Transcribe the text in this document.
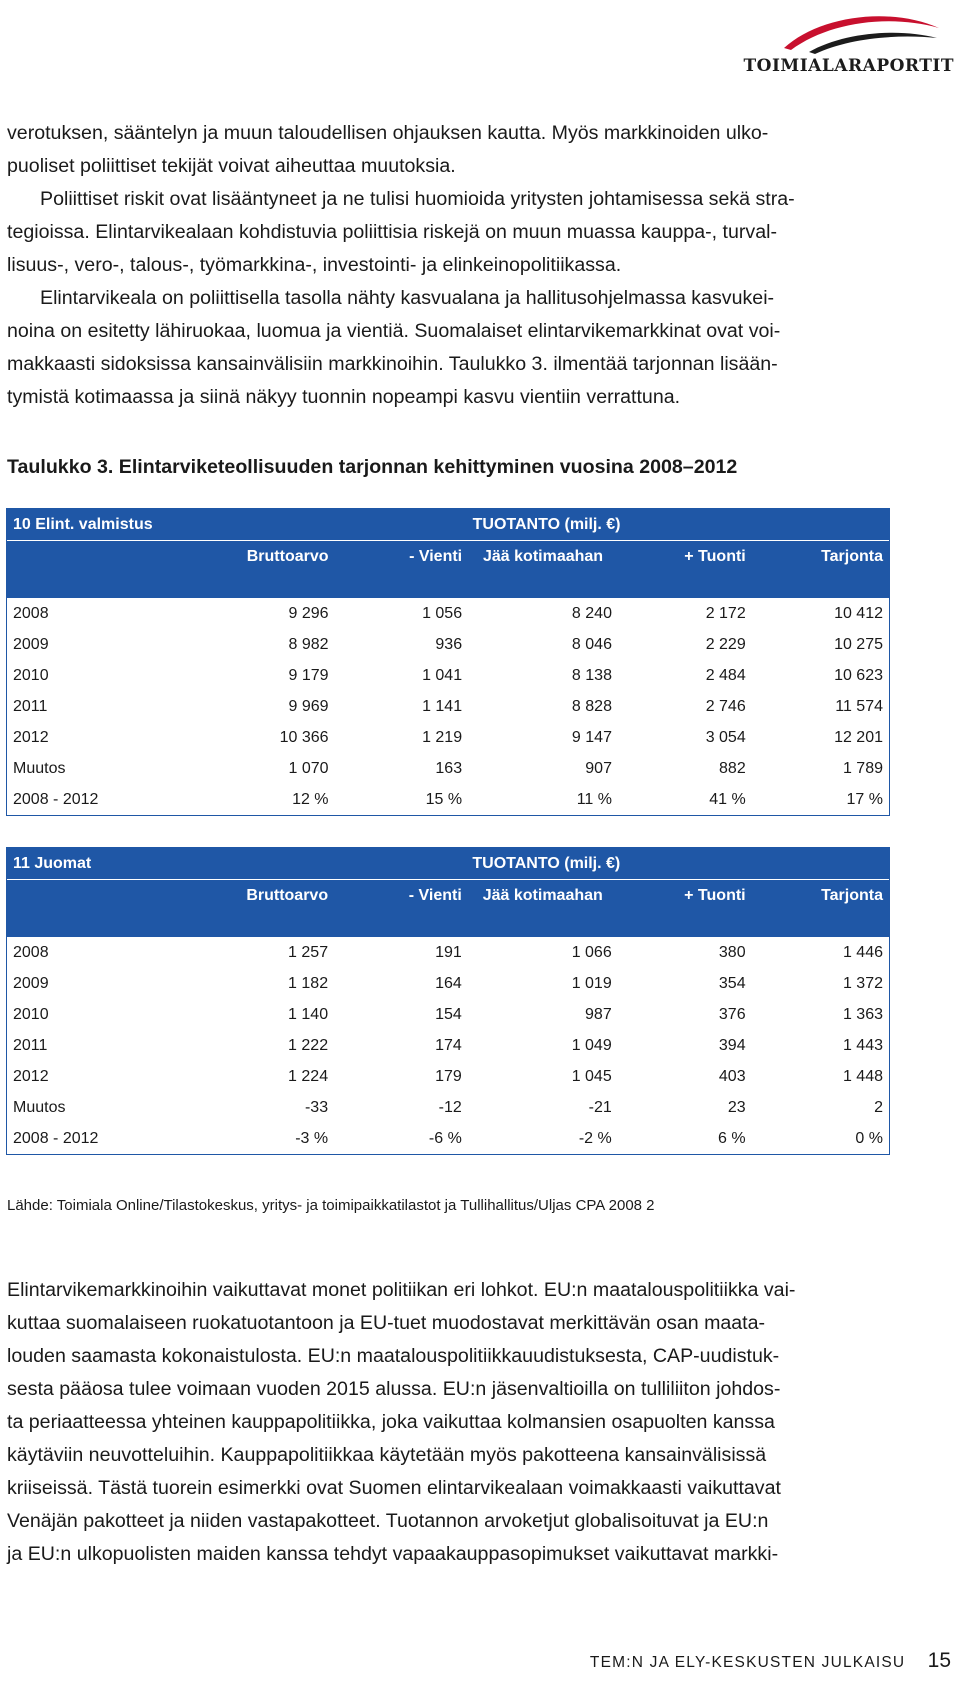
TOIMIALARAPORTIT
verotuksen, sääntelyn ja muun taloudellisen ohjauksen kautta. Myös markkinoiden ulko-
puoliset poliittiset tekijät voivat aiheuttaa muutoksia.
Poliittiset riskit ovat lisääntyneet ja ne tulisi huomioida yritysten johtamisessa sekä stra-
tegioissa. Elintarvikealaan kohdistuvia poliittisia riskejä on muun muassa kauppa-, turval-
lisuus-, vero-, talous-, työmarkkina-, investointi- ja elinkeinopolitiikassa.
Elintarvikeala on poliittisella tasolla nähty kasvualana ja hallitusohjelmassa kasvukei-
noina on esitetty lähiruokaa, luomua ja vientiä. Suomalaiset elintarvikemarkkinat ovat voi-
makkaasti sidoksissa kansainvälisiin markkinoihin. Taulukko 3. ilmentää tarjonnan lisään-
tymistä kotimaassa ja siinä näkyy tuonnin nopeampi kasvu vientiin verrattuna.

Taulukko 3. Elintarviketeollisuuden tarjonnan kehittyminen vuosina 2008–2012

10 Elint. valmistus	TUOTANTO (milj. €)				
	Bruttoarvo	- Vienti	Jää kotimaahan	+ Tuonti	Tarjonta
2008	9 296	1 056	8 240	2 172	10 412
2009	8 982	936	8 046	2 229	10 275
2010	9 179	1 041	8 138	2 484	10 623
2011	9 969	1 141	8 828	2 746	11 574
2012	10 366	1 219	9 147	3 054	12 201
Muutos	1 070	163	907	882	1 789
2008 - 2012	12 %	15 %	11 %	41 %	17 %
11 Juomat	TUOTANTO (milj. €)				
	Bruttoarvo	- Vienti	Jää kotimaahan	+ Tuonti	Tarjonta
2008	1 257	191	1 066	380	1 446
2009	1 182	164	1 019	354	1 372
2010	1 140	154	987	376	1 363
2011	1 222	174	1 049	394	1 443
2012	1 224	179	1 045	403	1 448
Muutos	-33	-12	-21	23	2
2008 - 2012	-3 %	-6 %	-2 %	6 %	0 %

Lähde: Toimiala Online/Tilastokeskus, yritys- ja toimipaikkatilastot ja Tullihallitus/Uljas CPA 2008 2

Elintarvikemarkkinoihin vaikuttavat monet politiikan eri lohkot. EU:n maatalouspolitiikka vai-
kuttaa suomalaiseen ruokatuotantoon ja EU-tuet muodostavat merkittävän osan maata-
louden saamasta kokonaistulosta. EU:n maatalouspolitiikkauudistuksesta, CAP-uudistuk-
sesta pääosa tulee voimaan vuoden 2015 alussa. EU:n jäsenvaltioilla on tulliliiton johdos-
ta periaatteessa yhteinen kauppapolitiikka, joka vaikuttaa kolmansien osapuolten kanssa
käytäviin neuvotteluihin. Kauppapolitiikkaa käytetään myös pakotteena kansainvälisissä
kriiseissä. Tästä tuorein esimerkki ovat Suomen elintarvikealaan voimakkaasti vaikuttavat
Venäjän pakotteet ja niiden vastapakotteet. Tuotannon arvoketjut globalisoituvat ja EU:n
ja EU:n ulkopuolisten maiden kanssa tehdyt vapaakauppasopimukset vaikuttavat markki-
TEM:N JA ELY-KESKUSTEN JULKAISU 15
